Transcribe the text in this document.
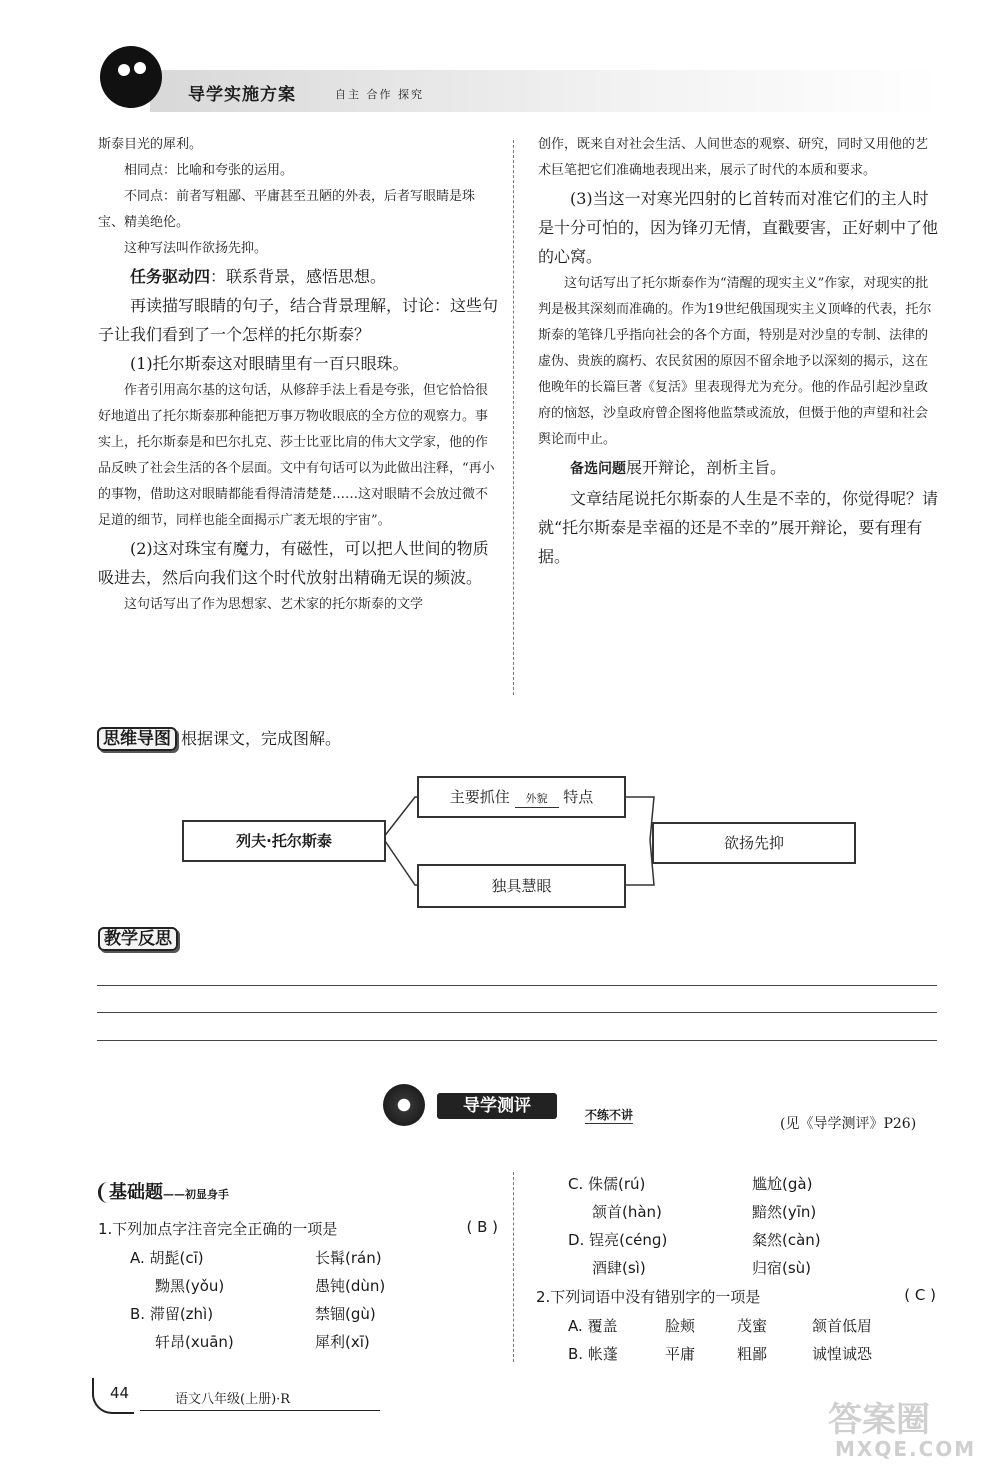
导学实施方案	自主 合作 探究

斯泰目光的犀利。

相同点：比喻和夸张的运用。

不同点：前者写粗鄙、平庸甚至丑陋的外表，后者写眼睛是珠宝、精美绝伦。

这种写法叫作欲扬先抑。

任务驱动四：联系背景，感悟思想。

再读描写眼睛的句子，结合背景理解，讨论：这些句子让我们看到了一个怎样的托尔斯泰？

(1)托尔斯泰这对眼睛里有一百只眼珠。

作者引用高尔基的这句话，从修辞手法上看是夸张，但它恰恰很好地道出了托尔斯泰那种能把万事万物收眼底的全方位的观察力。事实上，托尔斯泰是和巴尔扎克、莎士比亚比肩的伟大文学家，他的作品反映了社会生活的各个层面。文中有句话可以为此做出注释，“再小的事物，借助这对眼睛都能看得清清楚楚……这对眼睛不会放过微不足道的细节，同样也能全面揭示广袤无垠的宇宙”。

(2)这对珠宝有魔力，有磁性，可以把人世间的物质吸进去，然后向我们这个时代放射出精确无误的频波。

这句话写出了作为思想家、艺术家的托尔斯泰的文学

创作，既来自对社会生活、人间世态的观察、研究，同时又用他的艺术巨笔把它们准确地表现出来，展示了时代的本质和要求。

(3)当这一对寒光四射的匕首转而对准它们的主人时是十分可怕的，因为锋刃无情，直戳要害，正好刺中了他的心窝。

这句话写出了托尔斯泰作为“清醒的现实主义”作家，对现实的批判是极其深刻而准确的。作为19世纪俄国现实主义顶峰的代表，托尔斯泰的笔锋几乎指向社会的各个方面，特别是对沙皇的专制、法律的虚伪、贵族的腐朽、农民贫困的原因不留余地予以深刻的揭示，这在他晚年的长篇巨著《复活》里表现得尤为充分。他的作品引起沙皇政府的恼怒，沙皇政府曾企图将他监禁或流放，但慑于他的声望和社会舆论而中止。

备选问题展开辩论，剖析主旨。

文章结尾说托尔斯泰的人生是不幸的，你觉得呢？请就“托尔斯泰是幸福的还是不幸的”展开辩论，要有理有据。

思维导图 根据课文，完成图解。
列夫·托尔斯泰
主要抓住 外貌 特点
独具慧眼
欲扬先抑
教学反思
导学测评	不练不讲
(见《导学测评》P26)
基础题——初显身手
1.下列加点字注音完全正确的一项是	( B )
A. 胡髭(cī)	长髯(rán)
黝黑(yǒu)	愚钝(dùn)
B. 滞留(zhì)	禁锢(gù)
轩昂(xuān)	犀利(xī)
C. 侏儒(rú)	尴尬(gà)
颔首(hàn)	黯然(yīn)
D. 锃亮(cénɡ)	粲然(càn)
酒肆(sì)	归宿(sù)
2.下列词语中没有错别字的一项是	( C )
A. 覆盖	脸颊	茂蜜	颔首低眉
B. 帐蓬	平庸	粗鄙	诚惶诚恐
44	语文八年级(上册)·R
答案圈
MXQE.COM
